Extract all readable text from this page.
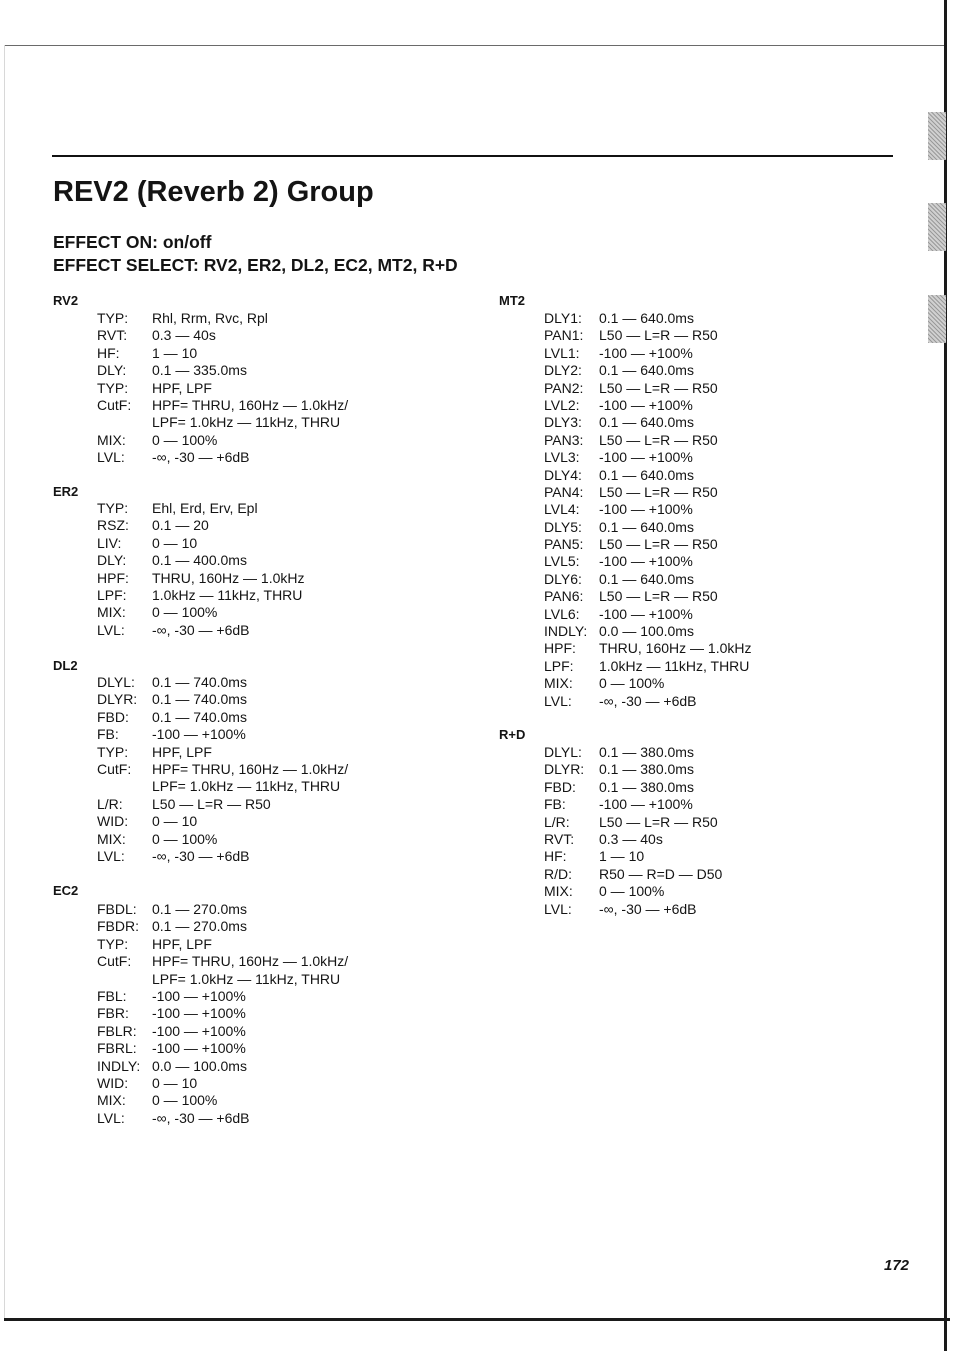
REV2 (Reverb 2) Group
EFFECT ON: on/off
EFFECT SELECT: RV2, ER2, DL2, EC2, MT2, R+D
RV2
TYP:	Rhl, Rrm, Rvc, Rpl
RVT:	0.3 — 40s
HF:	1 — 10
DLY:	0.1 — 335.0ms
TYP:	HPF, LPF
CutF:	HPF= THRU, 160Hz — 1.0kHz/
LPF= 1.0kHz — 11kHz, THRU
MIX:	0 — 100%
LVL:	-∞, -30 — +6dB
ER2
TYP:	Ehl, Erd, Erv, Epl
RSZ:	0.1 — 20
LIV:	0 — 10
DLY:	0.1 — 400.0ms
HPF:	THRU, 160Hz — 1.0kHz
LPF:	1.0kHz — 11kHz, THRU
MIX:	0 — 100%
LVL:	-∞, -30 — +6dB
DL2
DLYL:	0.1 — 740.0ms
DLYR:	0.1 — 740.0ms
FBD:	0.1 — 740.0ms
FB:	-100 — +100%
TYP:	HPF, LPF
CutF:	HPF= THRU, 160Hz — 1.0kHz/
LPF= 1.0kHz — 11kHz, THRU
L/R:	L50 — L=R — R50
WID:	0 — 10
MIX:	0 — 100%
LVL:	-∞, -30 — +6dB
EC2
FBDL:	0.1 — 270.0ms
FBDR: 0.1 — 270.0ms
TYP:	HPF, LPF
CutF:	HPF= THRU, 160Hz — 1.0kHz/
LPF= 1.0kHz — 11kHz, THRU
FBL:	-100 — +100%
FBR:	-100 — +100%
FBLR:	-100 — +100%
FBRL:	-100 — +100%
INDLY: 0.0 — 100.0ms
WID:	0 — 10
MIX:	0 — 100%
LVL:	-∞, -30 — +6dB
MT2
DLY1:	0.1 — 640.0ms
PAN1:	L50 — L=R — R50
LVL1:	-100 — +100%
DLY2:	0.1 — 640.0ms
PAN2:	L50 — L=R — R50
LVL2:	-100 — +100%
DLY3:	0.1 — 640.0ms
PAN3:	L50 — L=R — R50
LVL3:	-100 — +100%
DLY4:	0.1 — 640.0ms
PAN4:	L50 — L=R — R50
LVL4:	-100 — +100%
DLY5:	0.1 — 640.0ms
PAN5:	L50 — L=R — R50
LVL5:	-100 — +100%
DLY6:	0.1 — 640.0ms
PAN6:	L50 — L=R — R50
LVL6:	-100 — +100%
INDLY: 0.0 — 100.0ms
HPF:	THRU, 160Hz — 1.0kHz
LPF:	1.0kHz — 11kHz, THRU
MIX:	0 — 100%
LVL:	-∞, -30 — +6dB
R+D
DLYL:	0.1 — 380.0ms
DLYR:	0.1 — 380.0ms
FBD:	0.1 — 380.0ms
FB:	-100 — +100%
L/R:	L50 — L=R — R50
RVT:	0.3 — 40s
HF:	1 — 10
R/D:	R50 — R=D — D50
MIX:	0 — 100%
LVL:	-∞, -30 — +6dB
172
